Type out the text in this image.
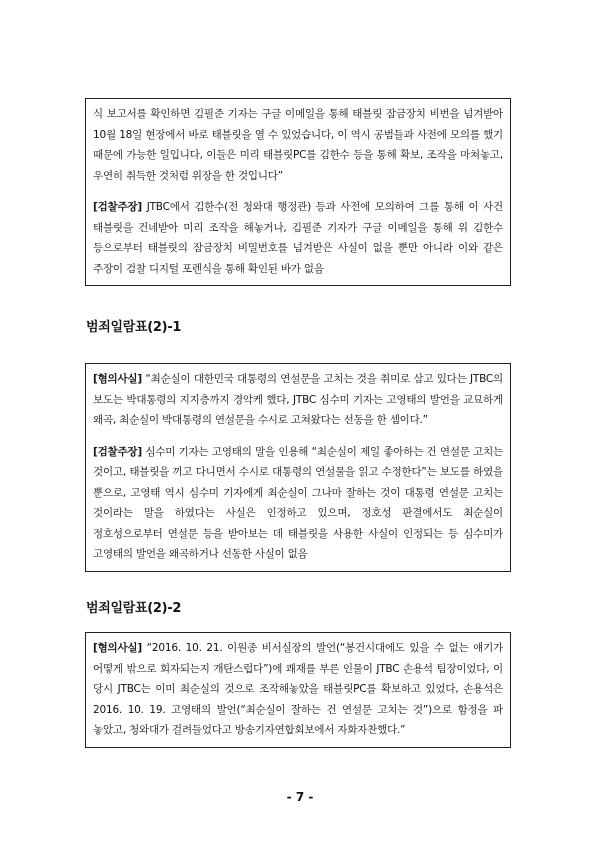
식 보고서를 확인하면 김필준 기자는 구글 이메일을 통해 태블릿 잠금장치 비번을 넘겨받아 10월 18일 현장에서 바로 태블릿을 열 수 있었습니다, 이 역시 공범들과 사전에 모의를 했기 때문에 가능한 일입니다, 이들은 미리 태블릿PC를 김한수 등을 통해 확보, 조작을 마쳐놓고, 우연히 취득한 것처럼 위장을 한 것입니다”

[검찰주장] JTBC에서 김한수(전 청와대 행정관) 등과 사전에 모의하여 그를 통해 이 사건 태블릿을 건네받아 미리 조작을 해놓거나, 김필준 기자가 구글 이메일을 통해 위 김한수 등으로부터 태블릿의 잠금장치 비밀번호를 넘겨받은 사실이 없을 뿐만 아니라 이와 같은 주장이 검찰 디지털 포렌식을 통해 확인된 바가 없음

범죄일람표(2)-1

[혐의사실] “최순실이 대한민국 대통령의 연설문을 고치는 것을 취미로 삼고 있다는 JTBC의 보도는 박대통령의 지지층까지 경악케 했다, JTBC 심수미 기자는 고영태의 발언을 교묘하게 왜곡, 최순실이 박대통령의 연설문을 수시로 고쳐왔다는 선동을 한 셈이다.”

[검찰주장] 심수미 기자는 고영태의 말을 인용해 “최순실이 제일 좋아하는 건 연설문 고치는 것이고, 태블릿을 끼고 다니면서 수시로 대통령의 연설물을 읽고 수정한다”는 보도를 하였을 뿐으로, 고영태 역시 심수미 기자에게 최순실이 그나마 잘하는 것이 대통령 연설문 고치는 것이라는 말을 하였다는 사실은 인정하고 있으며, 정호성 판결에서도 최순실이 정호성으로부터 연설문 등을 받아보는 데 태블릿을 사용한 사실이 인정되는 등 심수미가 고영태의 발언을 왜곡하거나 선동한 사실이 없음

범죄일람표(2)-2

[혐의사실] “2016. 10. 21. 이원종 비서실장의 발언(“봉건시대에도 있을 수 없는 얘기가 어떻게 밖으로 회자되는지 개탄스럽다”)에 쾌재를 부른 인물이 JTBC 손용석 팀장이었다, 이 당시 JTBC는 이미 최순실의 것으로 조작해놓았을 태블릿PC를 확보하고 있었다, 손용석은 2016. 10. 19. 고영태의 발언(“최순실이 잘하는 건 연설문 고치는 것”)으로 함정을 파 놓았고, 청와대가 걸려들었다고 방송기자연합회보에서 자화자찬했다.”

- 7 -
